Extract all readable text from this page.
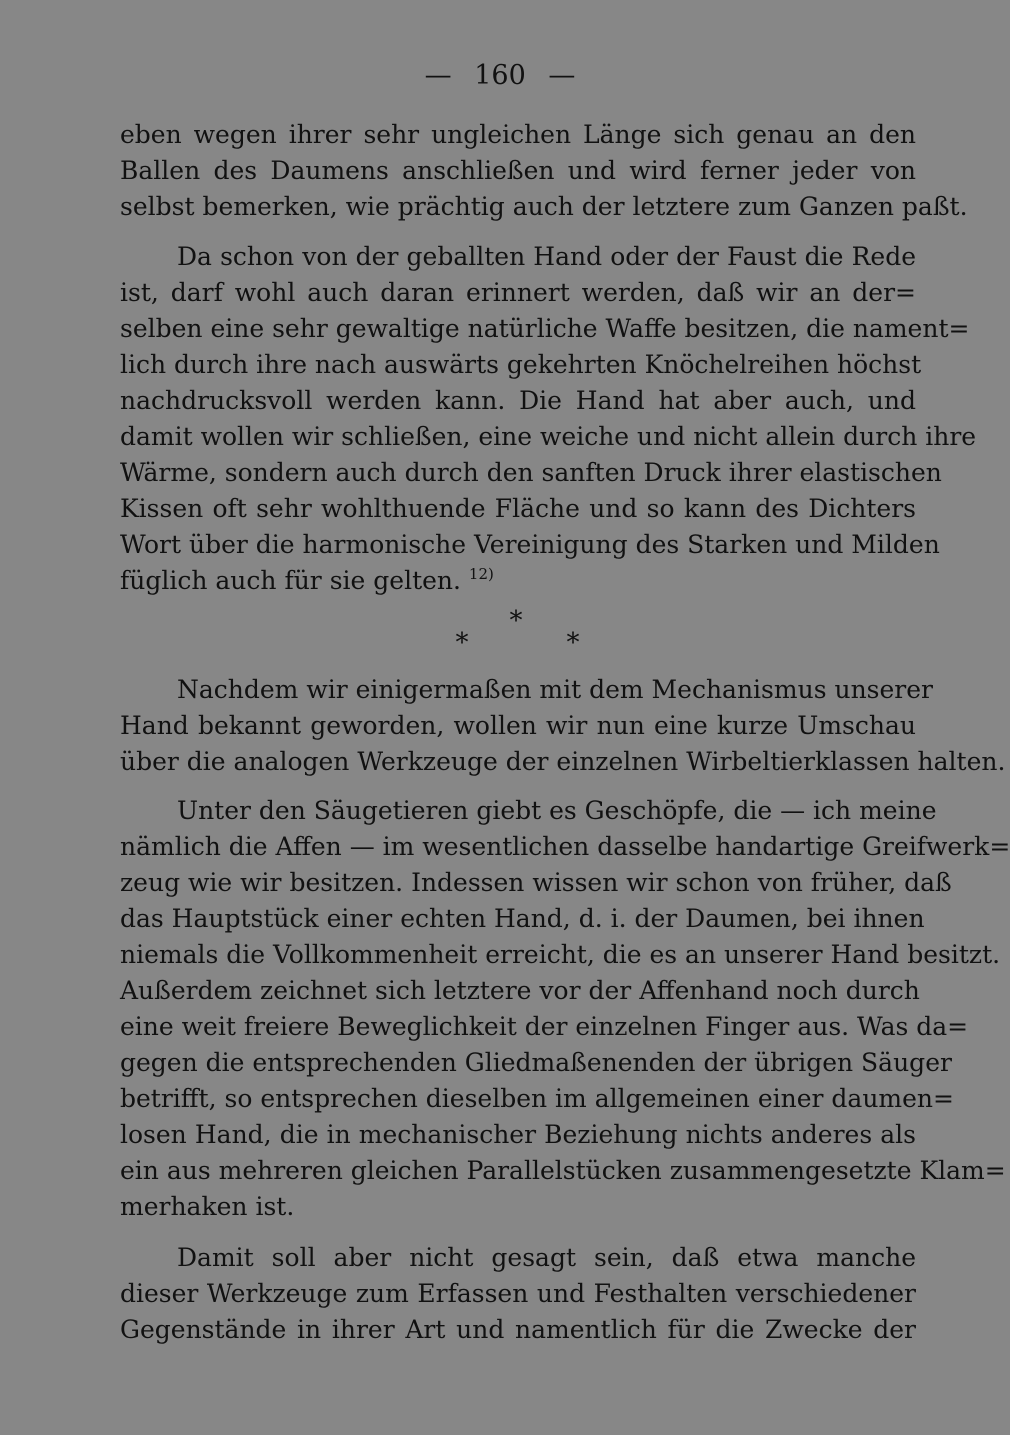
— 160 —
eben wegen ihrer sehr ungleichen Länge sich genau an den
Ballen des Daumens anschließen und wird ferner jeder von
selbst bemerken, wie prächtig auch der letztere zum Ganzen paßt.
Da schon von der geballten Hand oder der Faust die Rede
ist, darf wohl auch daran erinnert werden, daß wir an der=
selben eine sehr gewaltige natürliche Waffe besitzen, die nament=
lich durch ihre nach auswärts gekehrten Knöchelreihen höchst
nachdrucksvoll werden kann. Die Hand hat aber auch, und
damit wollen wir schließen, eine weiche und nicht allein durch ihre
Wärme, sondern auch durch den sanften Druck ihrer elastischen
Kissen oft sehr wohlthuende Fläche und so kann des Dichters
Wort über die harmonische Vereinigung des Starken und Milden
füglich auch für sie gelten. $^{12)}$
*
*	*
Nachdem wir einigermaßen mit dem Mechanismus unserer
Hand bekannt geworden, wollen wir nun eine kurze Umschau
über die analogen Werkzeuge der einzelnen Wirbeltierklassen halten.
Unter den Säugetieren giebt es Geschöpfe, die — ich meine
nämlich die Affen — im wesentlichen dasselbe handartige Greifwerk=
zeug wie wir besitzen. Indessen wissen wir schon von früher, daß
das Hauptstück einer echten Hand, d. i. der Daumen, bei ihnen
niemals die Vollkommenheit erreicht, die es an unserer Hand besitzt.
Außerdem zeichnet sich letztere vor der Affenhand noch durch
eine weit freiere Beweglichkeit der einzelnen Finger aus. Was da=
gegen die entsprechenden Gliedmaßenenden der übrigen Säuger
betrifft, so entsprechen dieselben im allgemeinen einer daumen=
losen Hand, die in mechanischer Beziehung nichts anderes als
ein aus mehreren gleichen Parallelstücken zusammengesetzte Klam=
merhaken ist.
Damit soll aber nicht gesagt sein, daß etwa manche
dieser Werkzeuge zum Erfassen und Festhalten verschiedener
Gegenstände in ihrer Art und namentlich für die Zwecke der
